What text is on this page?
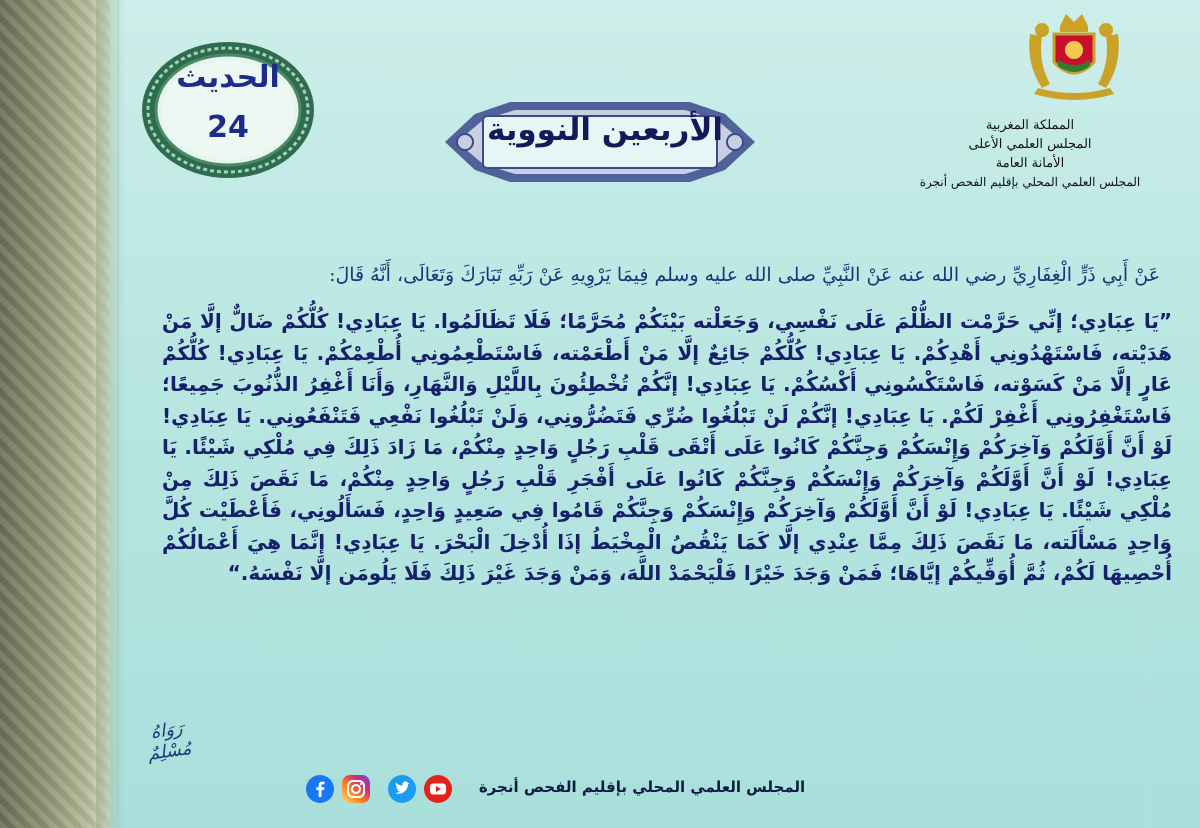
الحديث
24	الأربعين النووية	المملكة المغربية
المجلس العلمي الأعلى
الأمانة العامة
المجلس العلمي المحلي بإقليم الفحص أنجرة
عَنْ أَبِي ذَرٍّ الْغِفَارِيِّ رضي الله عنه عَنْ النَّبِيِّ صلى الله عليه وسلم فِيمَا يَرْوِيهِ عَنْ رَبِّهِ تَبَارَكَ وَتَعَالَى، أَنَّهُ قَالَ:
”يَا عِبَادِي؛ إنِّي حَرَّمْت الظُّلْمَ عَلَى نَفْسِي، وَجَعَلْته بَيْنَكُمْ مُحَرَّمًا؛ فَلَا تَظَالَمُوا. يَا عِبَادِي! كُلُّكُمْ ضَالٌّ إلَّا مَنْ هَدَيْته، فَاسْتَهْدُونِي أَهْدِكُمْ. يَا عِبَادِي! كُلُّكُمْ جَائِعٌ إلَّا مَنْ أَطْعَمْته، فَاسْتَطْعِمُونِي أُطْعِمْكُمْ. يَا عِبَادِي! كُلُّكُمْ عَارٍ إلَّا مَنْ كَسَوْته، فَاسْتَكْسُونِي أَكْسُكُمْ. يَا عِبَادِي! إنَّكُمْ تُخْطِئُونَ بِاللَّيْلِ وَالنَّهَارِ، وَأَنَا أَغْفِرُ الذُّنُوبَ جَمِيعًا؛ فَاسْتَغْفِرُونِي أَغْفِرْ لَكُمْ. يَا عِبَادِي! إنَّكُمْ لَنْ تَبْلُغُوا ضُرِّي فَتَضُرُّونِي، وَلَنْ تَبْلُغُوا نَفْعِي فَتَنْفَعُونِي. يَا عِبَادِي! لَوْ أَنَّ أَوَّلَكُمْ وَآخِرَكُمْ وَإِنْسَكُمْ وَجِنَّكُمْ كَانُوا عَلَى أَتْقَى قَلْبِ رَجُلٍ وَاحِدٍ مِنْكُمْ، مَا زَادَ ذَلِكَ فِي مُلْكِي شَيْئًا. يَا عِبَادِي! لَوْ أَنَّ أَوَّلَكُمْ وَآخِرَكُمْ وَإِنْسَكُمْ وَجِنَّكُمْ كَانُوا عَلَى أَفْجَرِ قَلْبِ رَجُلٍ وَاحِدٍ مِنْكُمْ، مَا نَقَصَ ذَلِكَ مِنْ مُلْكِي شَيْئًا. يَا عِبَادِي! لَوْ أَنَّ أَوَّلَكُمْ وَآخِرَكُمْ وَإِنْسَكُمْ وَجِنَّكُمْ قَامُوا فِي صَعِيدٍ وَاحِدٍ، فَسَأَلُونِي، فَأَعْطَيْت كُلَّ وَاحِدٍ مَسْأَلَته، مَا نَقَصَ ذَلِكَ مِمَّا عِنْدِي إلَّا كَمَا يَنْقُصُ الْمِخْيَطُ إذَا أُدْخِلَ الْبَحْرَ. يَا عِبَادِي! إنَّمَا هِيَ أَعْمَالُكُمْ أُحْصِيهَا لَكُمْ، ثُمَّ أُوَفِّيكُمْ إيَّاهَا؛ فَمَنْ وَجَدَ خَيْرًا فَلْيَحْمَدْ اللَّهَ، وَمَنْ وَجَدَ غَيْرَ ذَلِكَ فَلَا يَلُومَن إلَّا نَفْسَهُ.“
رَوَاهُ مُسْلِمٌ
المجلس العلمي المحلي بإقليم الفحص أنجرة
